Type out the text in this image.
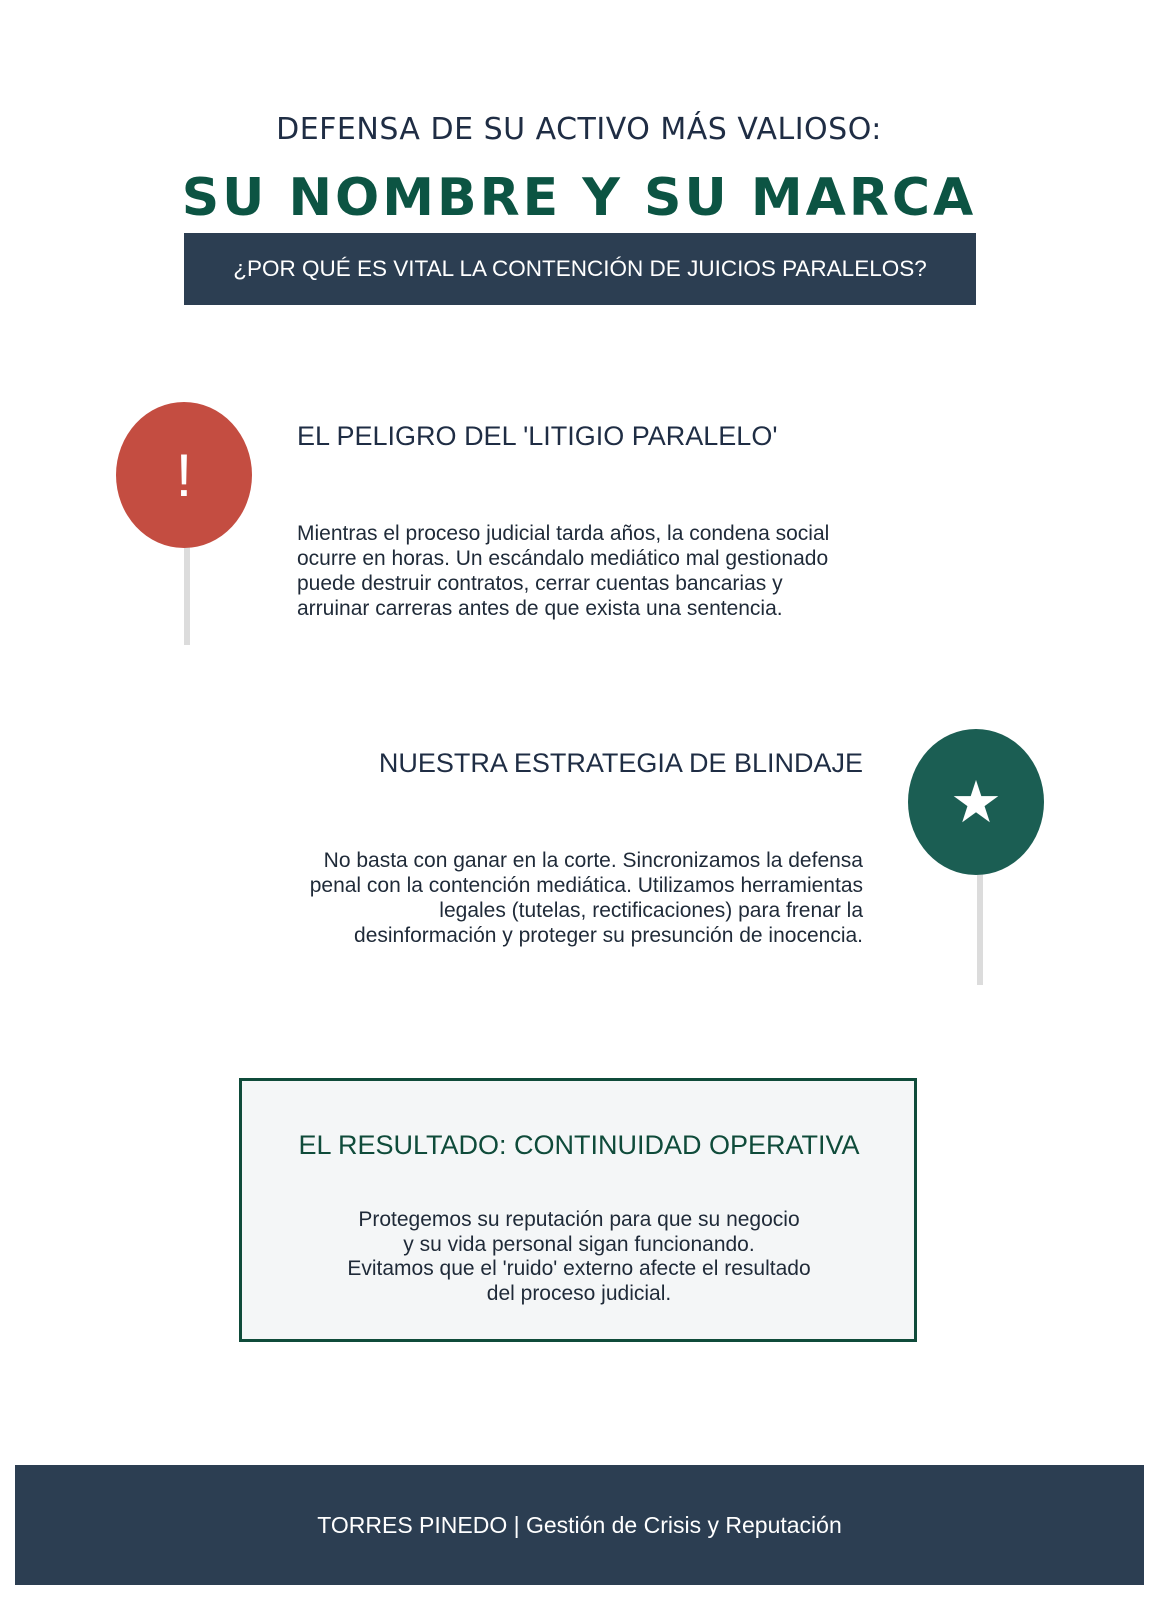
DEFENSA DE SU ACTIVO MÁS VALIOSO:
SU NOMBRE Y SU MARCA
¿POR QUÉ ES VITAL LA CONTENCIÓN DE JUICIOS PARALELOS?
!
EL PELIGRO DEL 'LITIGIO PARALELO'
Mientras el proceso judicial tarda años, la condena social
ocurre en horas. Un escándalo mediático mal gestionado
puede destruir contratos, cerrar cuentas bancarias y
arruinar carreras antes de que exista una sentencia.
★
NUESTRA ESTRATEGIA DE BLINDAJE
No basta con ganar en la corte. Sincronizamos la defensa
penal con la contención mediática. Utilizamos herramientas
legales (tutelas, rectificaciones) para frenar la
desinformación y proteger su presunción de inocencia.
EL RESULTADO: CONTINUIDAD OPERATIVA
Protegemos su reputación para que su negocio
y su vida personal sigan funcionando.
Evitamos que el 'ruido' externo afecte el resultado
del proceso judicial.
TORRES PINEDO | Gestión de Crisis y Reputación
